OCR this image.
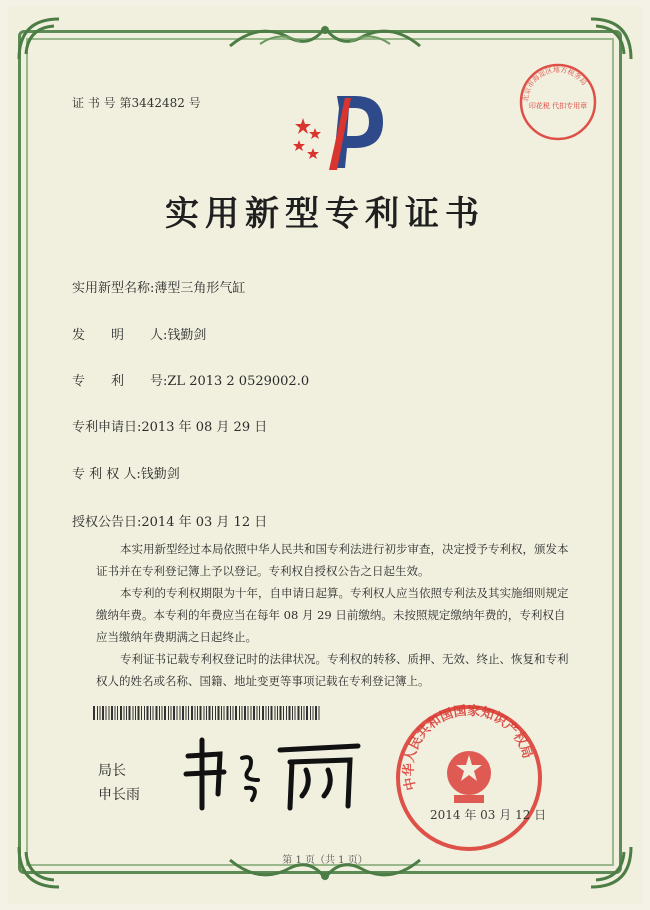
证 书 号 第3442482 号
实用新型专利证书
实用新型名称:薄型三角形气缸
发　　明　　人:钱勤剑
专　　利　　号:ZL 2013 2 0529002.0
专利申请日:2013 年 08 月 29 日
专 利 权 人:钱勤剑
授权公告日:2014 年 03 月 12 日
本实用新型经过本局依照中华人民共和国专利法进行初步审查，决定授予专利权，颁发本证书并在专利登记簿上予以登记。专利权自授权公告之日起生效。
本专利的专利权期限为十年，自申请日起算。专利权人应当依照专利法及其实施细则规定缴纳年费。本专利的年费应当在每年 08 月 29 日前缴纳。未按照规定缴纳年费的，专利权自应当缴纳年费期满之日起终止。
专利证书记载专利权登记时的法律状况。专利权的转移、质押、无效、终止、恢复和专利权人的姓名或名称、国籍、地址变更等事项记载在专利登记簿上。
局长
申长雨
中华人民共和国国家知识产权局
2014 年 03 月 12 日
北京市海淀区地方税务局
印花税 代扣专用章
第 1 页（共 1 页）
